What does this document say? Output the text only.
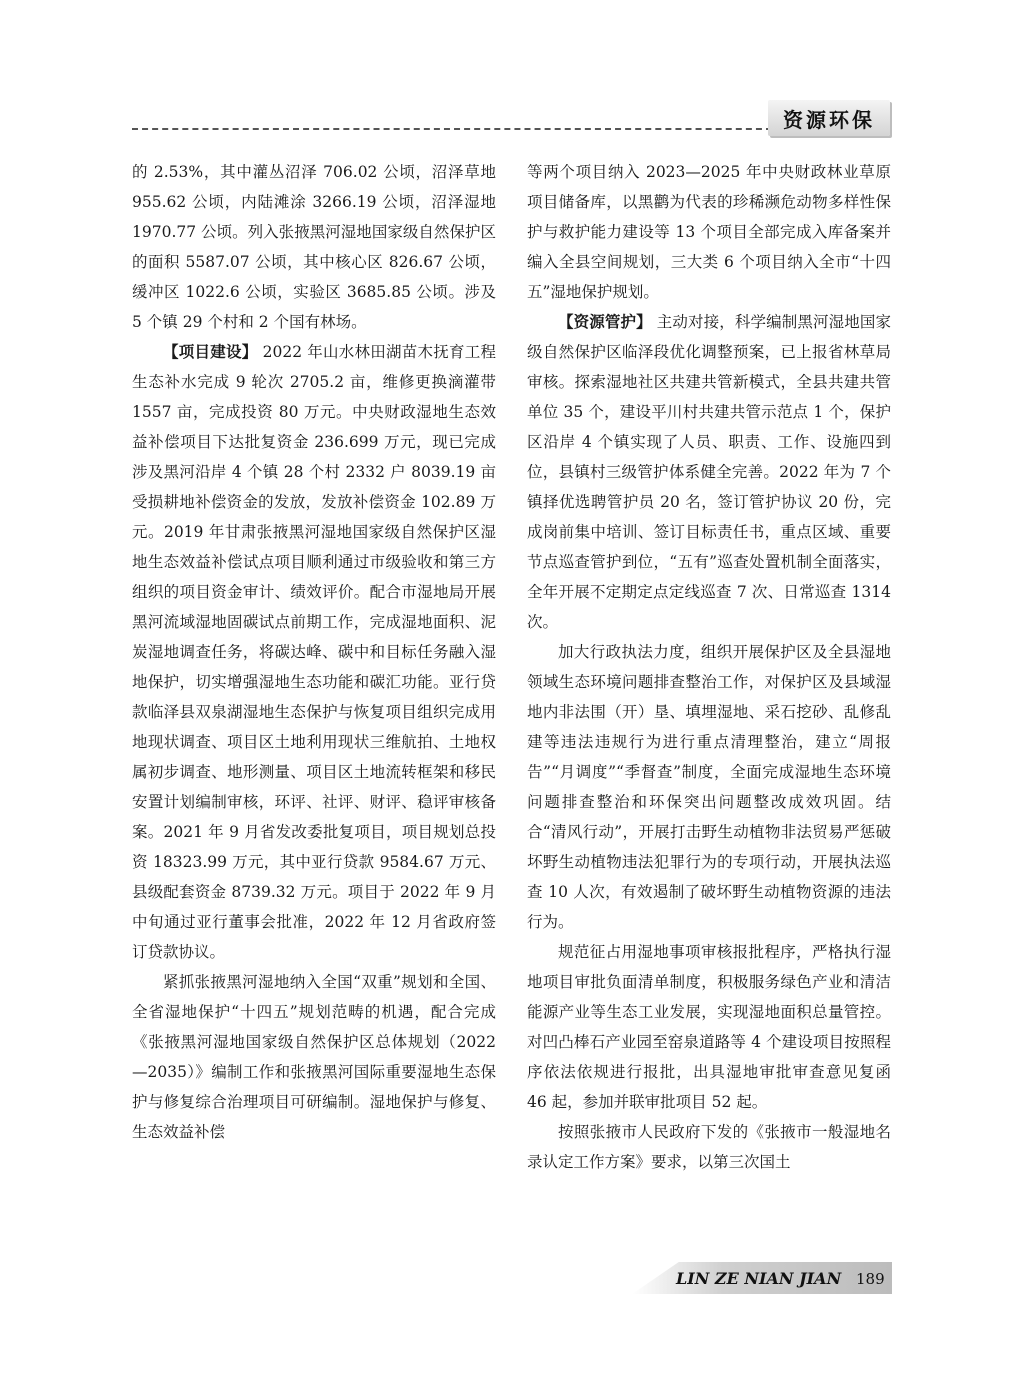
资源环保

的 2.53%，其中灌丛沼泽 706.02 公顷，沼泽草地 955.62 公顷，内陆滩涂 3266.19 公顷，沼泽湿地 1970.77 公顷。列入张掖黑河湿地国家级自然保护区的面积 5587.07 公顷，其中核心区 826.67 公顷，缓冲区 1022.6 公顷，实验区 3685.85 公顷。涉及 5 个镇 29 个村和 2 个国有林场。

【项目建设】 2022 年山水林田湖苗木抚育工程生态补水完成 9 轮次 2705.2 亩，维修更换滴灌带 1557 亩，完成投资 80 万元。中央财政湿地生态效益补偿项目下达批复资金 236.699 万元，现已完成涉及黑河沿岸 4 个镇 28 个村 2332 户 8039.19 亩受损耕地补偿资金的发放，发放补偿资金 102.89 万元。2019 年甘肃张掖黑河湿地国家级自然保护区湿地生态效益补偿试点项目顺利通过市级验收和第三方组织的项目资金审计、绩效评价。配合市湿地局开展黑河流域湿地固碳试点前期工作，完成湿地面积、泥炭湿地调查任务，将碳达峰、碳中和目标任务融入湿地保护，切实增强湿地生态功能和碳汇功能。亚行贷款临泽县双泉湖湿地生态保护与恢复项目组织完成用地现状调查、项目区土地利用现状三维航拍、土地权属初步调查、地形测量、项目区土地流转框架和移民安置计划编制审核，环评、社评、财评、稳评审核备案。2021 年 9 月省发改委批复项目，项目规划总投资 18323.99 万元，其中亚行贷款 9584.67 万元、县级配套资金 8739.32 万元。项目于 2022 年 9 月中旬通过亚行董事会批准，2022 年 12 月省政府签订贷款协议。

紧抓张掖黑河湿地纳入全国“双重”规划和全国、全省湿地保护“十四五”规划范畴的机遇，配合完成《张掖黑河湿地国家级自然保护区总体规划（2022—2035）》编制工作和张掖黑河国际重要湿地生态保护与修复综合治理项目可研编制。湿地保护与修复、生态效益补偿

等两个项目纳入 2023—2025 年中央财政林业草原项目储备库，以黑鹳为代表的珍稀濒危动物多样性保护与救护能力建设等 13 个项目全部完成入库备案并编入全县空间规划，三大类 6 个项目纳入全市“十四五”湿地保护规划。

【资源管护】 主动对接，科学编制黑河湿地国家级自然保护区临泽段优化调整预案，已上报省林草局审核。探索湿地社区共建共管新模式，全县共建共管单位 35 个，建设平川村共建共管示范点 1 个，保护区沿岸 4 个镇实现了人员、职责、工作、设施四到位，县镇村三级管护体系健全完善。2022 年为 7 个镇择优选聘管护员 20 名，签订管护协议 20 份，完成岗前集中培训、签订目标责任书，重点区域、重要节点巡查管护到位，“五有”巡查处置机制全面落实，全年开展不定期定点定线巡查 7 次、日常巡查 1314 次。

加大行政执法力度，组织开展保护区及全县湿地领域生态环境问题排查整治工作，对保护区及县域湿地内非法围（开）垦、填埋湿地、采石挖砂、乱修乱建等违法违规行为进行重点清理整治，建立“周报告”“月调度”“季督查”制度，全面完成湿地生态环境问题排查整治和环保突出问题整改成效巩固。结合“清风行动”，开展打击野生动植物非法贸易严惩破坏野生动植物违法犯罪行为的专项行动，开展执法巡查 10 人次，有效遏制了破坏野生动植物资源的违法行为。

规范征占用湿地事项审核报批程序，严格执行湿地项目审批负面清单制度，积极服务绿色产业和清洁能源产业等生态工业发展，实现湿地面积总量管控。对凹凸棒石产业园至窑泉道路等 4 个建设项目按照程序依法依规进行报批，出具湿地审批审查意见复函 46 起，参加并联审批项目 52 起。

按照张掖市人民政府下发的《张掖市一般湿地名录认定工作方案》要求，以第三次国土

LIN ZE NIAN JIAN 189
